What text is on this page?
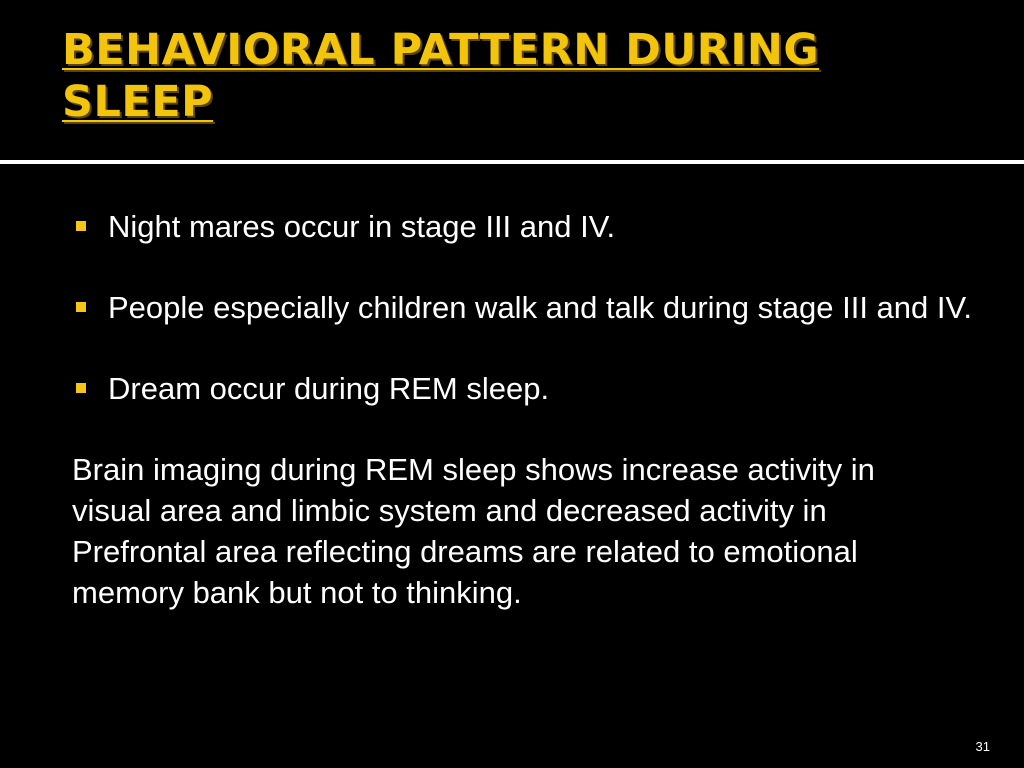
BEHAVIORAL PATTERN DURING
SLEEP
Night mares occur in stage III and IV.
People especially children walk and talk during stage III and IV.
Dream occur during REM sleep.

Brain imaging during REM sleep shows increase activity in visual area and limbic system and decreased activity in Prefrontal area reflecting dreams are related to emotional memory bank but not to thinking.

31
